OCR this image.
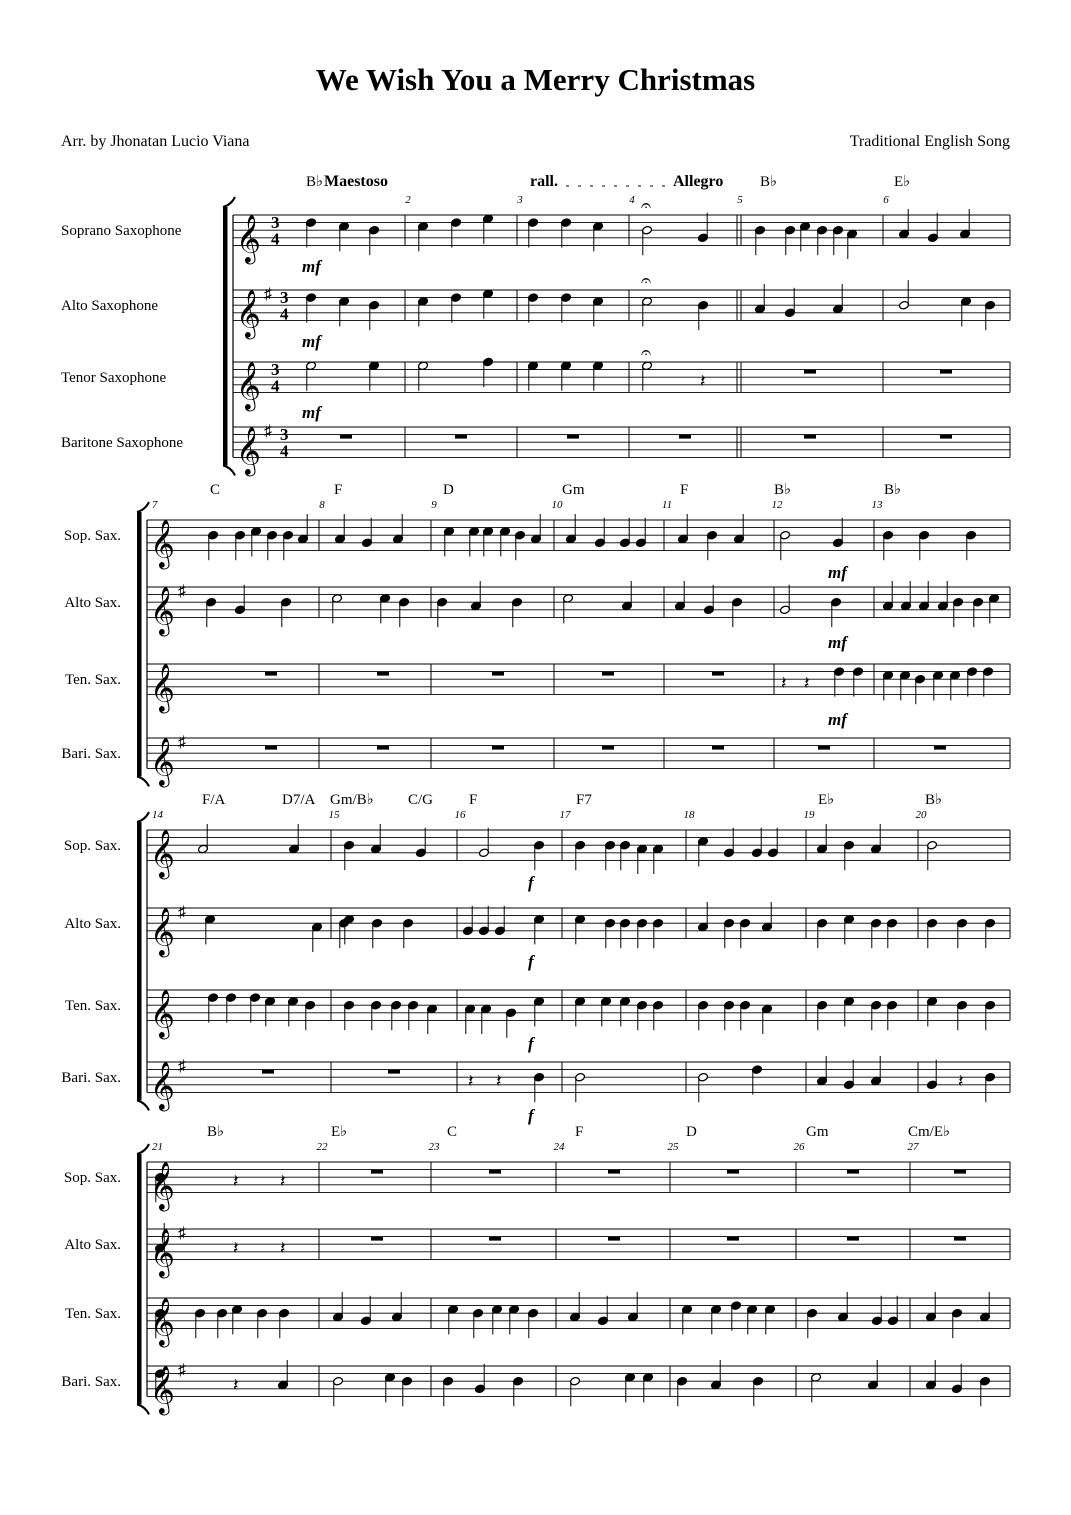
We Wish You a Merry Christmas
Arr. by Jhonatan Lucio Viana	Traditional English Song
𝄞 3
4
Soprano Saxophone
𝄞 ♯ 3
4
Alto Saxophone
𝄞 3
4
Tenor Saxophone
𝄞 ♯ 3
4
Baritone Saxophone
2	3	4	5	6
B♭	B♭	E♭
𝄞
Sop. Sax.
𝄞 ♯
Alto Sax.
𝄞
Ten. Sax.
𝄞 ♯
Bari. Sax.
7	8	9	10	11	12	13
C	F	D	Gm	F	B♭	B♭
𝄞
Sop. Sax.
𝄞 ♯
Alto Sax.
𝄞
Ten. Sax.
𝄞 ♯
Bari. Sax.
14	15	16	17	18	19	20
F/A	D7/A Gm/B♭ C/G F	F7	E♭	B♭
𝄞
Sop. Sax.
𝄞 ♯
Alto Sax.
𝄞
Ten. Sax.
𝄞 ♯
Bari. Sax.
21	22	23	24	25	26	27
B♭	E♭	C	F	D	Gm	Cm/E♭
Maestoso	rall.	Allegro
𝄽
mf
mf
mf
𝄐
𝄐
𝄐
mf
mf
𝄽 𝄽
mf
f
f
f
𝄽 𝄽	𝄽
f
𝄽 𝄽
𝄽 𝄽
𝄽
